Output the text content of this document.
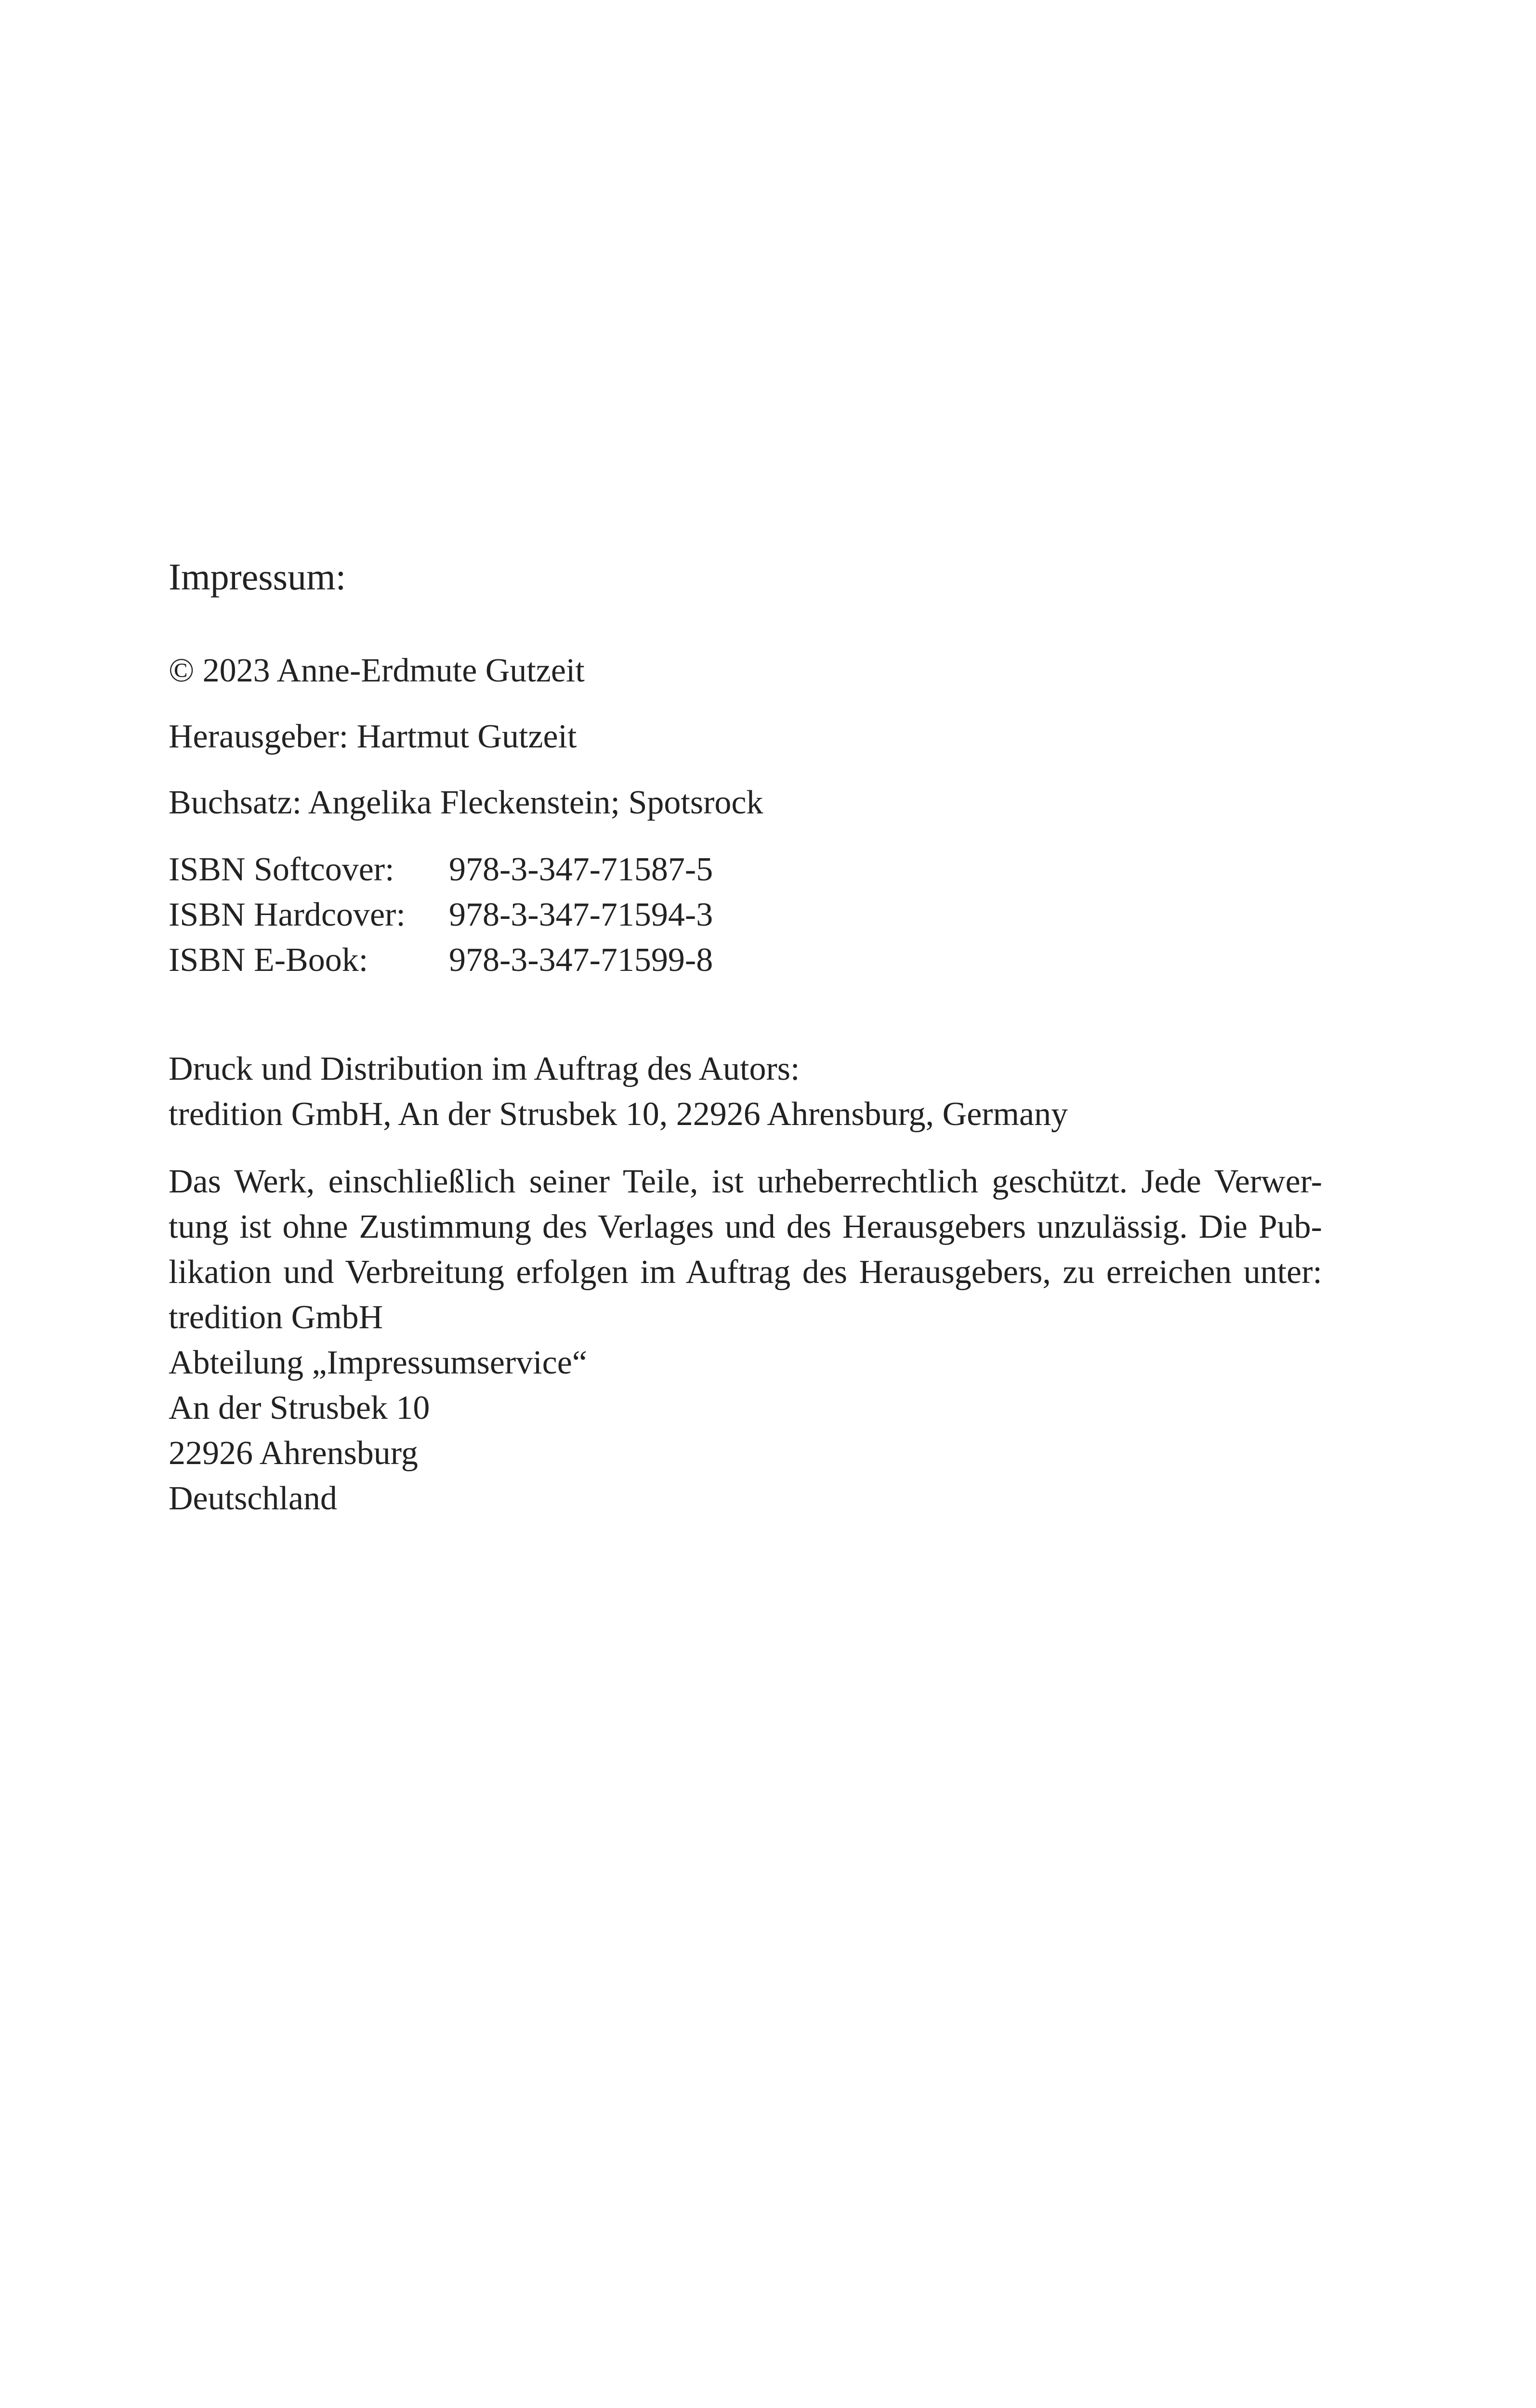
Impressum:
© 2023 Anne-Erdmute Gutzeit
Herausgeber: Hartmut Gutzeit
Buchsatz: Angelika Fleckenstein; Spotsrock
ISBN Softcover:	978-3-347-71587-5
ISBN Hardcover:	978-3-347-71594-3
ISBN E-Book:	978-3-347-71599-8
Druck und Distribution im Auftrag des Autors:
tredition GmbH, An der Strusbek 10, 22926 Ahrensburg, Germany

Das Werk, einschließlich seiner Teile, ist urheberrechtlich geschützt. Jede Verwer-
tung ist ohne Zustimmung des Verlages und des Herausgebers unzulässig. Die Pub-
likation und Verbreitung erfolgen im Auftrag des Herausgebers, zu erreichen unter:

tredition GmbH
Abteilung „Impressumservice“
An der Strusbek 10
22926 Ahrensburg
Deutschland
